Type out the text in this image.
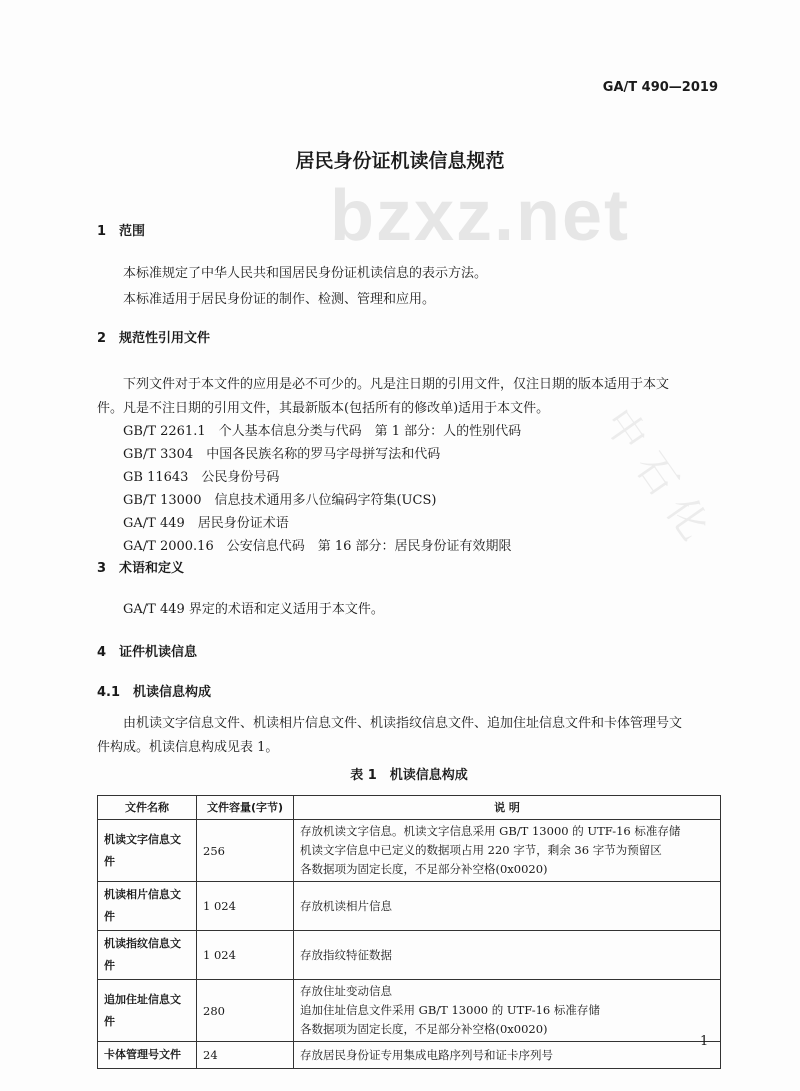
bzxz.net
中石化
GA/T 490—2019
居民身份证机读信息规范
1　范围
本标准规定了中华人民共和国居民身份证机读信息的表示方法。
本标准适用于居民身份证的制作、检测、管理和应用。
2　规范性引用文件
下列文件对于本文件的应用是必不可少的。凡是注日期的引用文件，仅注日期的版本适用于本文
件。凡是不注日期的引用文件，其最新版本(包括所有的修改单)适用于本文件。
GB/T 2261.1　个人基本信息分类与代码　第 1 部分：人的性别代码
GB/T 3304　中国各民族名称的罗马字母拼写法和代码
GB 11643　公民身份号码
GB/T 13000　信息技术通用多八位编码字符集(UCS)
GA/T 449　居民身份证术语
GA/T 2000.16　公安信息代码　第 16 部分：居民身份证有效期限
3　术语和定义
GA/T 449 界定的术语和定义适用于本文件。
4　证件机读信息
4.1　机读信息构成
由机读文字信息文件、机读相片信息文件、机读指纹信息文件、追加住址信息文件和卡体管理号文
件构成。机读信息构成见表 1。
表 1　机读信息构成
文件名称	文件容量(字节)	说 明
机读文字信息文件	256	存放机读文字信息。机读文字信息采用 GB/T 13000 的 UTF-16 标准存储
机读文字信息中已定义的数据项占用 220 字节，剩余 36 字节为预留区
各数据项为固定长度，不足部分补空格(0x0020)

机读相片信息文件	1 024	存放机读相片信息
机读指纹信息文件	1 024	存放指纹特征数据
追加住址信息文件	280	存放住址变动信息
追加住址信息文件采用 GB/T 13000 的 UTF-16 标准存储
各数据项为固定长度，不足部分补空格(0x0020)

卡体管理号文件	24	存放居民身份证专用集成电路序列号和证卡序列号
1
